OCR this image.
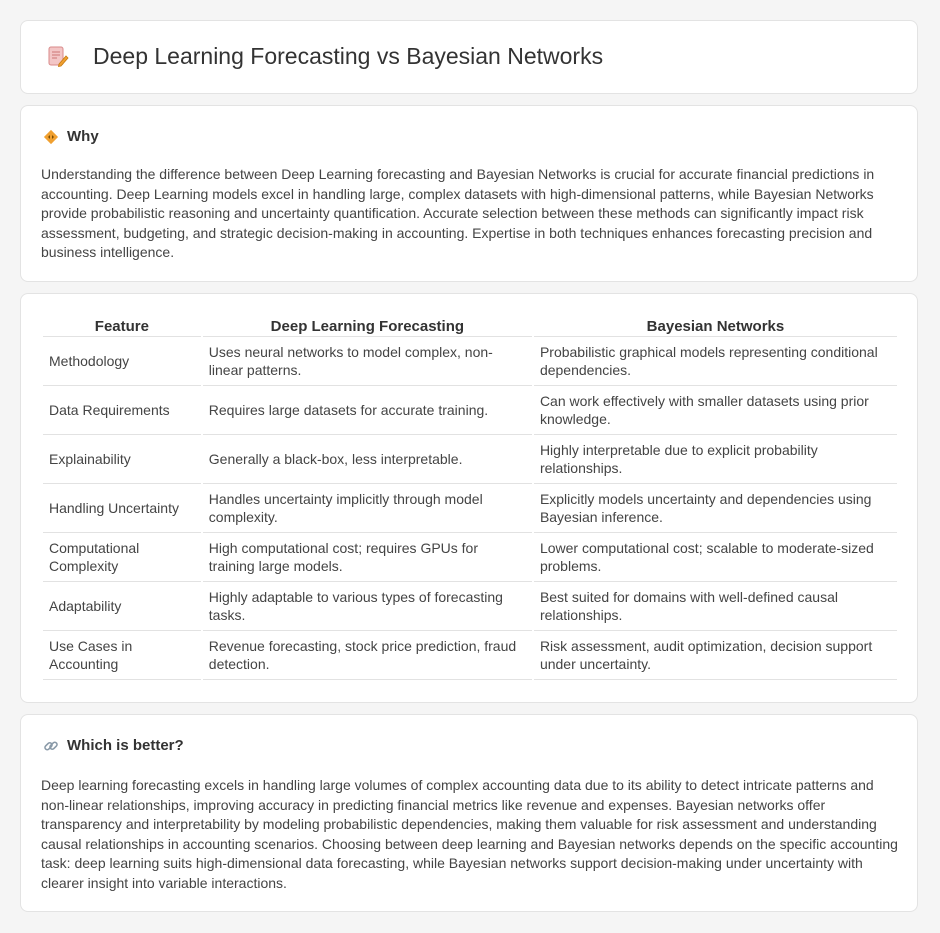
Deep Learning Forecasting vs Bayesian Networks
Why
Understanding the difference between Deep Learning forecasting and Bayesian Networks is crucial for accurate financial predictions in accounting. Deep Learning models excel in handling large, complex datasets with high-dimensional patterns, while Bayesian Networks provide probabilistic reasoning and uncertainty quantification. Accurate selection between these methods can significantly impact risk assessment, budgeting, and strategic decision-making in accounting. Expertise in both techniques enhances forecasting precision and business intelligence.
Feature	Deep Learning Forecasting	Bayesian Networks
Methodology	Uses neural networks to model complex, non-linear patterns.	Probabilistic graphical models representing conditional dependencies.
Data Requirements	Requires large datasets for accurate training.	Can work effectively with smaller datasets using prior knowledge.
Explainability	Generally a black-box, less interpretable.	Highly interpretable due to explicit probability relationships.
Handling Uncertainty	Handles uncertainty implicitly through model complexity.	Explicitly models uncertainty and dependencies using Bayesian inference.
Computational Complexity	High computational cost; requires GPUs for training large models.	Lower computational cost; scalable to moderate-sized problems.
Adaptability	Highly adaptable to various types of forecasting tasks.	Best suited for domains with well-defined causal relationships.
Use Cases in Accounting	Revenue forecasting, stock price prediction, fraud detection.	Risk assessment, audit optimization, decision support under uncertainty.
Which is better?
Deep learning forecasting excels in handling large volumes of complex accounting data due to its ability to detect intricate patterns and non-linear relationships, improving accuracy in predicting financial metrics like revenue and expenses. Bayesian networks offer transparency and interpretability by modeling probabilistic dependencies, making them valuable for risk assessment and understanding causal relationships in accounting scenarios. Choosing between deep learning and Bayesian networks depends on the specific accounting task: deep learning suits high-dimensional data forecasting, while Bayesian networks support decision-making under uncertainty with clearer insight into variable interactions.
